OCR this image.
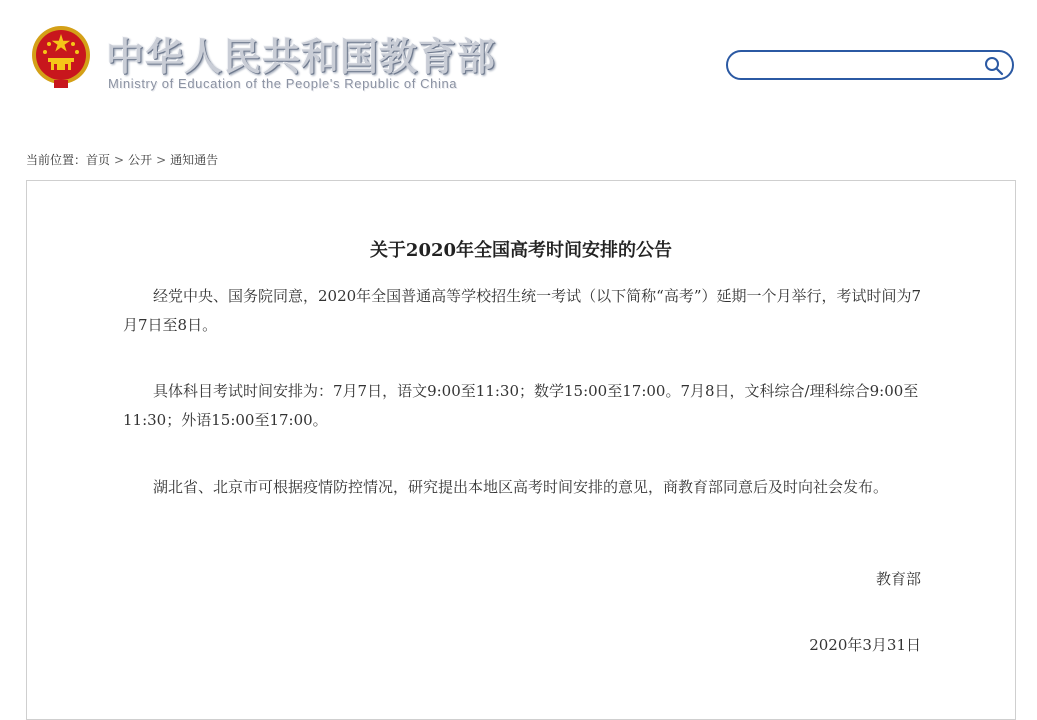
中华人民共和国教育部
Ministry of Education of the People's Republic of China
当前位置：首页 > 公开 > 通知通告
关于2020年全国高考时间安排的公告
经党中央、国务院同意，2020年全国普通高等学校招生统一考试（以下简称“高考”）延期一个月举行，考试时间为7月7日至8日。
具体科目考试时间安排为：7月7日，语文9:00至11:30；数学15:00至17:00。7月8日，文科综合/理科综合9:00至11:30；外语15:00至17:00。
湖北省、北京市可根据疫情防控情况，研究提出本地区高考时间安排的意见，商教育部同意后及时向社会发布。
教育部
2020年3月31日
